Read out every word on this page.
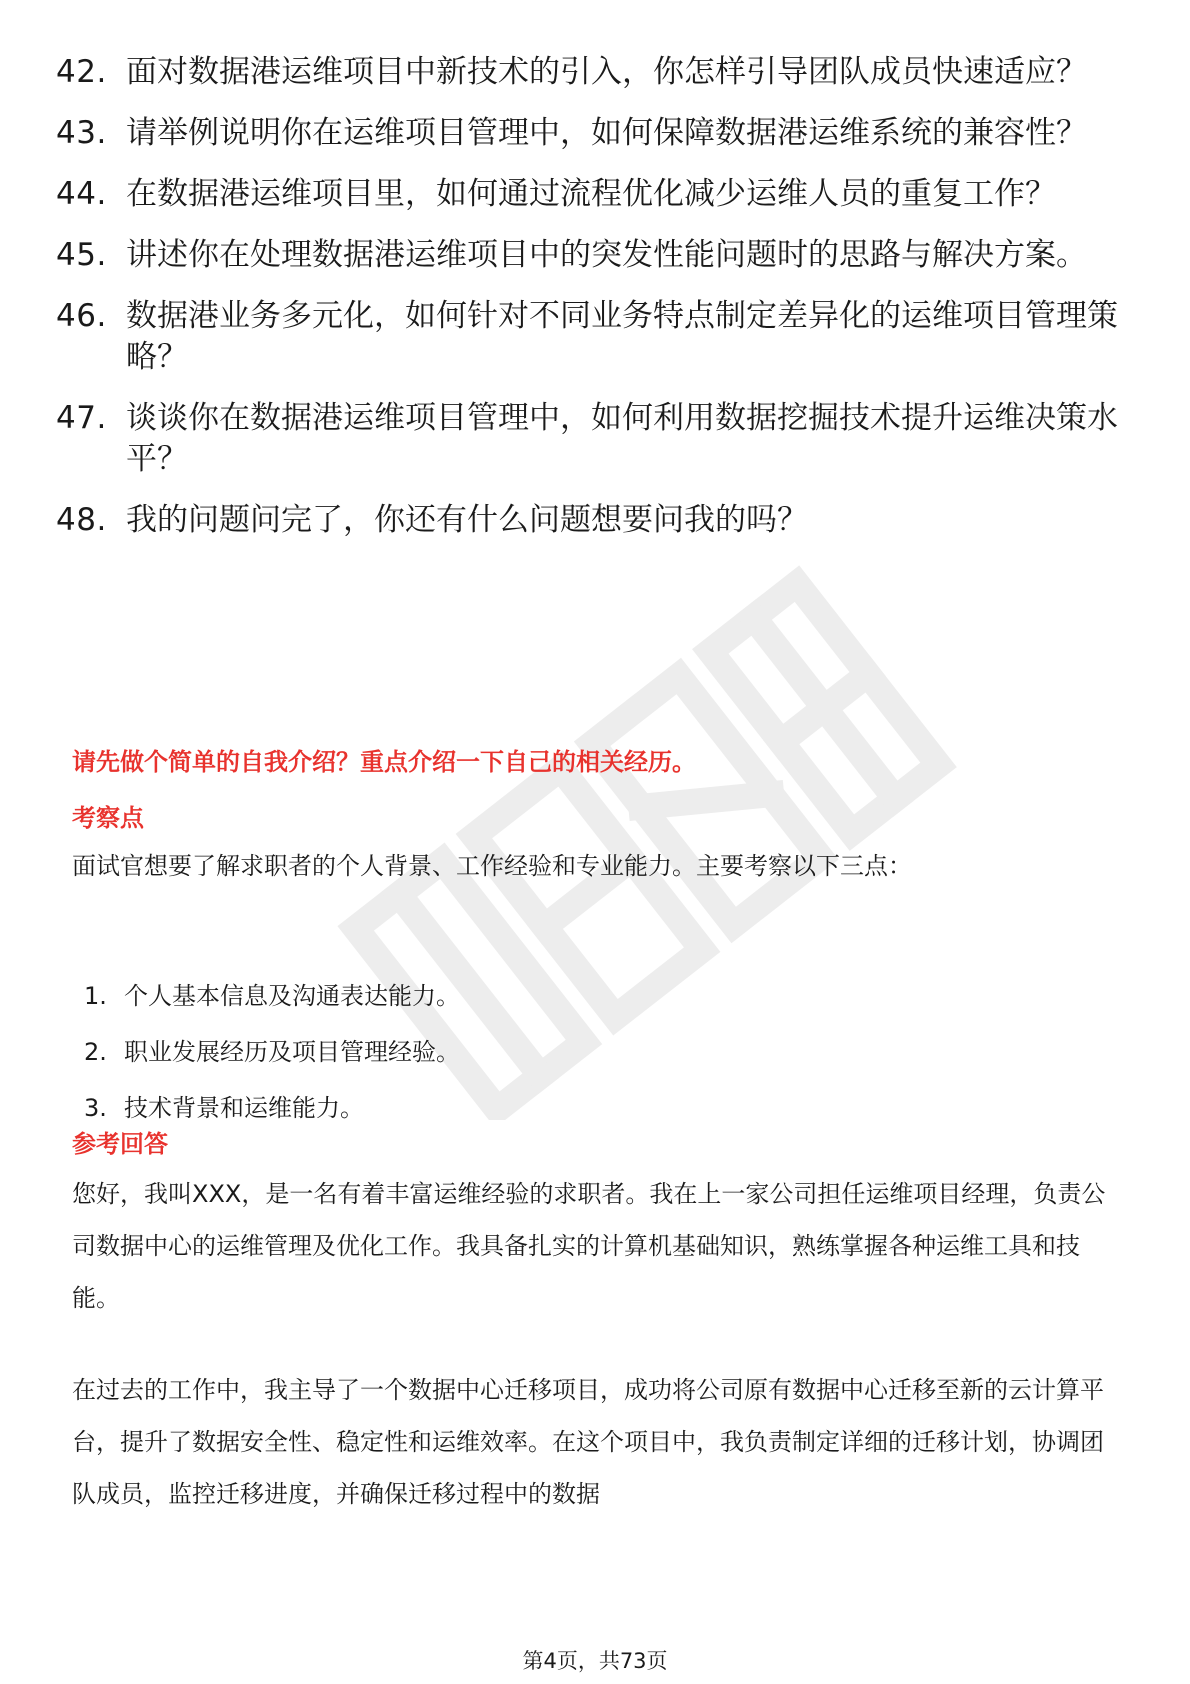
42. 面对数据港运维项目中新技术的引入，你怎样引导团队成员快速适应？
43. 请举例说明你在运维项目管理中，如何保障数据港运维系统的兼容性？
44. 在数据港运维项目里，如何通过流程优化减少运维人员的重复工作？
45. 讲述你在处理数据港运维项目中的突发性能问题时的思路与解决方案。
46. 数据港业务多元化，如何针对不同业务特点制定差异化的运维项目管理策略？
47. 谈谈你在数据港运维项目管理中，如何利用数据挖掘技术提升运维决策水平？
48. 我的问题问完了，你还有什么问题想要问我的吗？
请先做个简单的自我介绍？重点介绍一下自己的相关经历。
考察点

面试官想要了解求职者的个人背景、工作经验和专业能力。主要考察以下三点：

1. 个人基本信息及沟通表达能力。
2. 职业发展经历及项目管理经验。
3. 技术背景和运维能力。
参考回答

您好，我叫XXX，是一名有着丰富运维经验的求职者。我在上一家公司担任运维项目经理，负责公司数据中心的运维管理及优化工作。我具备扎实的计算机基础知识，熟练掌握各种运维工具和技能。

在过去的工作中，我主导了一个数据中心迁移项目，成功将公司原有数据中心迁移至新的云计算平台，提升了数据安全性、稳定性和运维效率。在这个项目中，我负责制定详细的迁移计划，协调团队成员，监控迁移进度，并确保迁移过程中的数据

第4页，共73页
